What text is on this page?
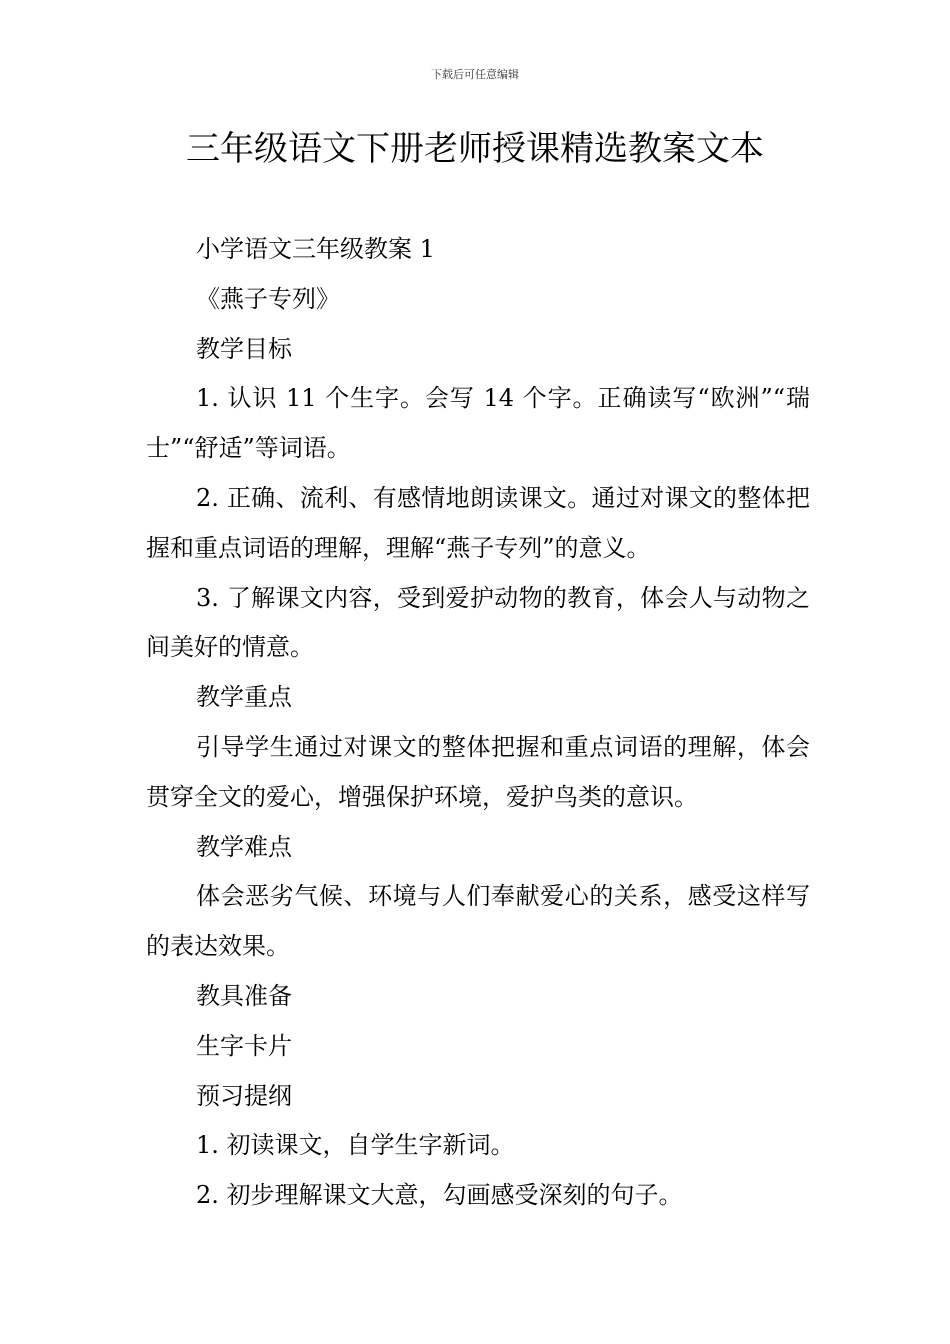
下载后可任意编辑
三年级语文下册老师授课精选教案文本

小学语文三年级教案 1

《燕子专列》

教学目标

1. 认识 11 个生字。会写 14 个字。正确读写“欧洲”“瑞士”“舒适”等词语。

2. 正确、流利、有感情地朗读课文。通过对课文的整体把握和重点词语的理解，理解“燕子专列”的意义。

3. 了解课文内容，受到爱护动物的教育，体会人与动物之间美好的情意。

教学重点

引导学生通过对课文的整体把握和重点词语的理解，体会贯穿全文的爱心，增强保护环境，爱护鸟类的意识。

教学难点

体会恶劣气候、环境与人们奉献爱心的关系，感受这样写的表达效果。

教具准备

生字卡片

预习提纲

1. 初读课文，自学生字新词。

2. 初步理解课文大意，勾画感受深刻的句子。
